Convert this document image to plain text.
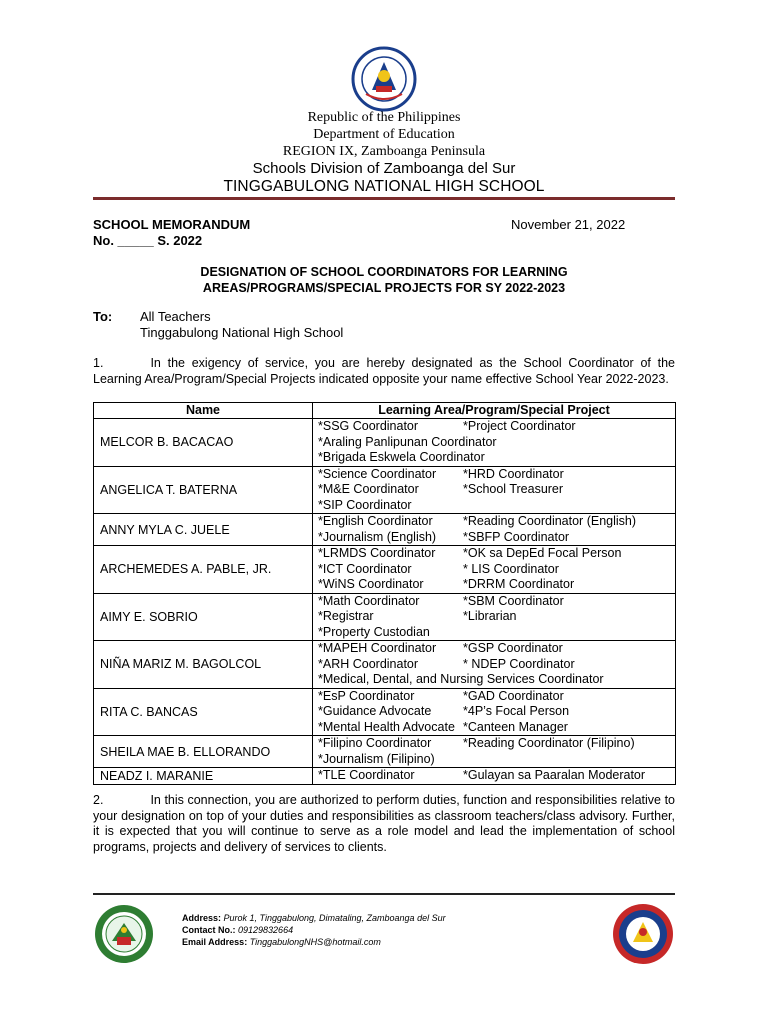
Republic of the Philippines
Department of Education
REGION IX, Zamboanga Peninsula
Schools Division of Zamboanga del Sur
TINGGABULONG NATIONAL HIGH SCHOOL
SCHOOL MEMORANDUM
No. _____ S. 2022
November 21, 2022
DESIGNATION OF SCHOOL COORDINATORS FOR LEARNING
AREAS/PROGRAMS/SPECIAL PROJECTS FOR SY 2022-2023
To: All Teachers
Tinggabulong National High School
1.	In the exigency of service, you are hereby designated as the School Coordinator of the Learning Area/Program/Special Projects indicated opposite your name effective School Year 2022-2023.
Name	Learning Area/Program/Special Project
MELCOR B. BACACAO	*SSG Coordinator *Project Coordinator
*Araling Panlipunan Coordinator
*Brigada Eskwela Coordinator

ANGELICA T. BATERNA	*Science Coordinator *HRD Coordinator
*M&E Coordinator *School Treasurer
*SIP Coordinator

ANNY MYLA C. JUELE	*English Coordinator *Reading Coordinator (English)
*Journalism (English) *SBFP Coordinator

ARCHEMEDES A. PABLE, JR.	*LRMDS Coordinator *OK sa DepEd Focal Person
*ICT Coordinator * LIS Coordinator
*WiNS Coordinator *DRRM Coordinator

AIMY E. SOBRIO	*Math Coordinator *SBM Coordinator
*Registrar *Librarian
*Property Custodian

NIÑA MARIZ M. BAGOLCOL	*MAPEH Coordinator *GSP Coordinator
*ARH Coordinator * NDEP Coordinator
*Medical, Dental, and Nursing Services Coordinator

RITA C. BANCAS	*EsP Coordinator *GAD Coordinator
*Guidance Advocate *4P’s Focal Person
*Mental Health Advocate *Canteen Manager

SHEILA MAE B. ELLORANDO	*Filipino Coordinator *Reading Coordinator (Filipino)
*Journalism (Filipino)

NEADZ I. MARANIE	*TLE Coordinator *Gulayan sa Paaralan Moderator
2.	In this connection, you are authorized to perform duties, function and responsibilities relative to your designation on top of your duties and responsibilities as classroom teachers/class advisory. Further, it is expected that you will continue to serve as a role model and lead the implementation of school programs, projects and delivery of services to clients.
Address: Purok 1, Tinggabulong, Dimataling, Zamboanga del Sur
Contact No.: 09129832664
Email Address: TinggabulongNHS@hotmail.com
